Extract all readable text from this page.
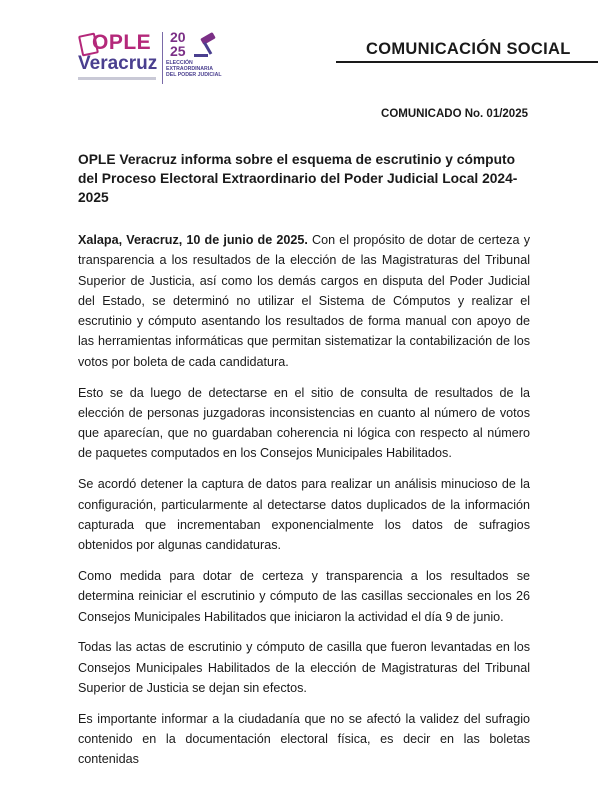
OPLE
Veracruz
20
25
ELECCIÓN
EXTRAORDINARIA
DEL PODER JUDICIAL
COMUNICACIÓN SOCIAL
COMUNICADO No. 01/2025
OPLE Veracruz informa sobre el esquema de escrutinio y cómputo del Proceso Electoral Extraordinario del Poder Judicial Local 2024-2025

Xalapa, Veracruz, 10 de junio de 2025. Con el propósito de dotar de certeza y transparencia a los resultados de la elección de las Magistraturas del Tribunal Superior de Justicia, así como los demás cargos en disputa del Poder Judicial del Estado, se determinó no utilizar el Sistema de Cómputos y realizar el escrutinio y cómputo asentando los resultados de forma manual con apoyo de las herramientas informáticas que permitan sistematizar la contabilización de los votos por boleta de cada candidatura.

Esto se da luego de detectarse en el sitio de consulta de resultados de la elección de personas juzgadoras inconsistencias en cuanto al número de votos que aparecían, que no guardaban coherencia ni lógica con respecto al número de paquetes computados en los Consejos Municipales Habilitados.

Se acordó detener la captura de datos para realizar un análisis minucioso de la configuración, particularmente al detectarse datos duplicados de la información capturada que incrementaban exponencialmente los datos de sufragios obtenidos por algunas candidaturas.

Como medida para dotar de certeza y transparencia a los resultados se determina reiniciar el escrutinio y cómputo de las casillas seccionales en los 26 Consejos Municipales Habilitados que iniciaron la actividad el día 9 de junio.

Todas las actas de escrutinio y cómputo de casilla que fueron levantadas en los Consejos Municipales Habilitados de la elección de Magistraturas del Tribunal Superior de Justicia se dejan sin efectos.

Es importante informar a la ciudadanía que no se afectó la validez del sufragio contenido en la documentación electoral física, es decir en las boletas contenidas
